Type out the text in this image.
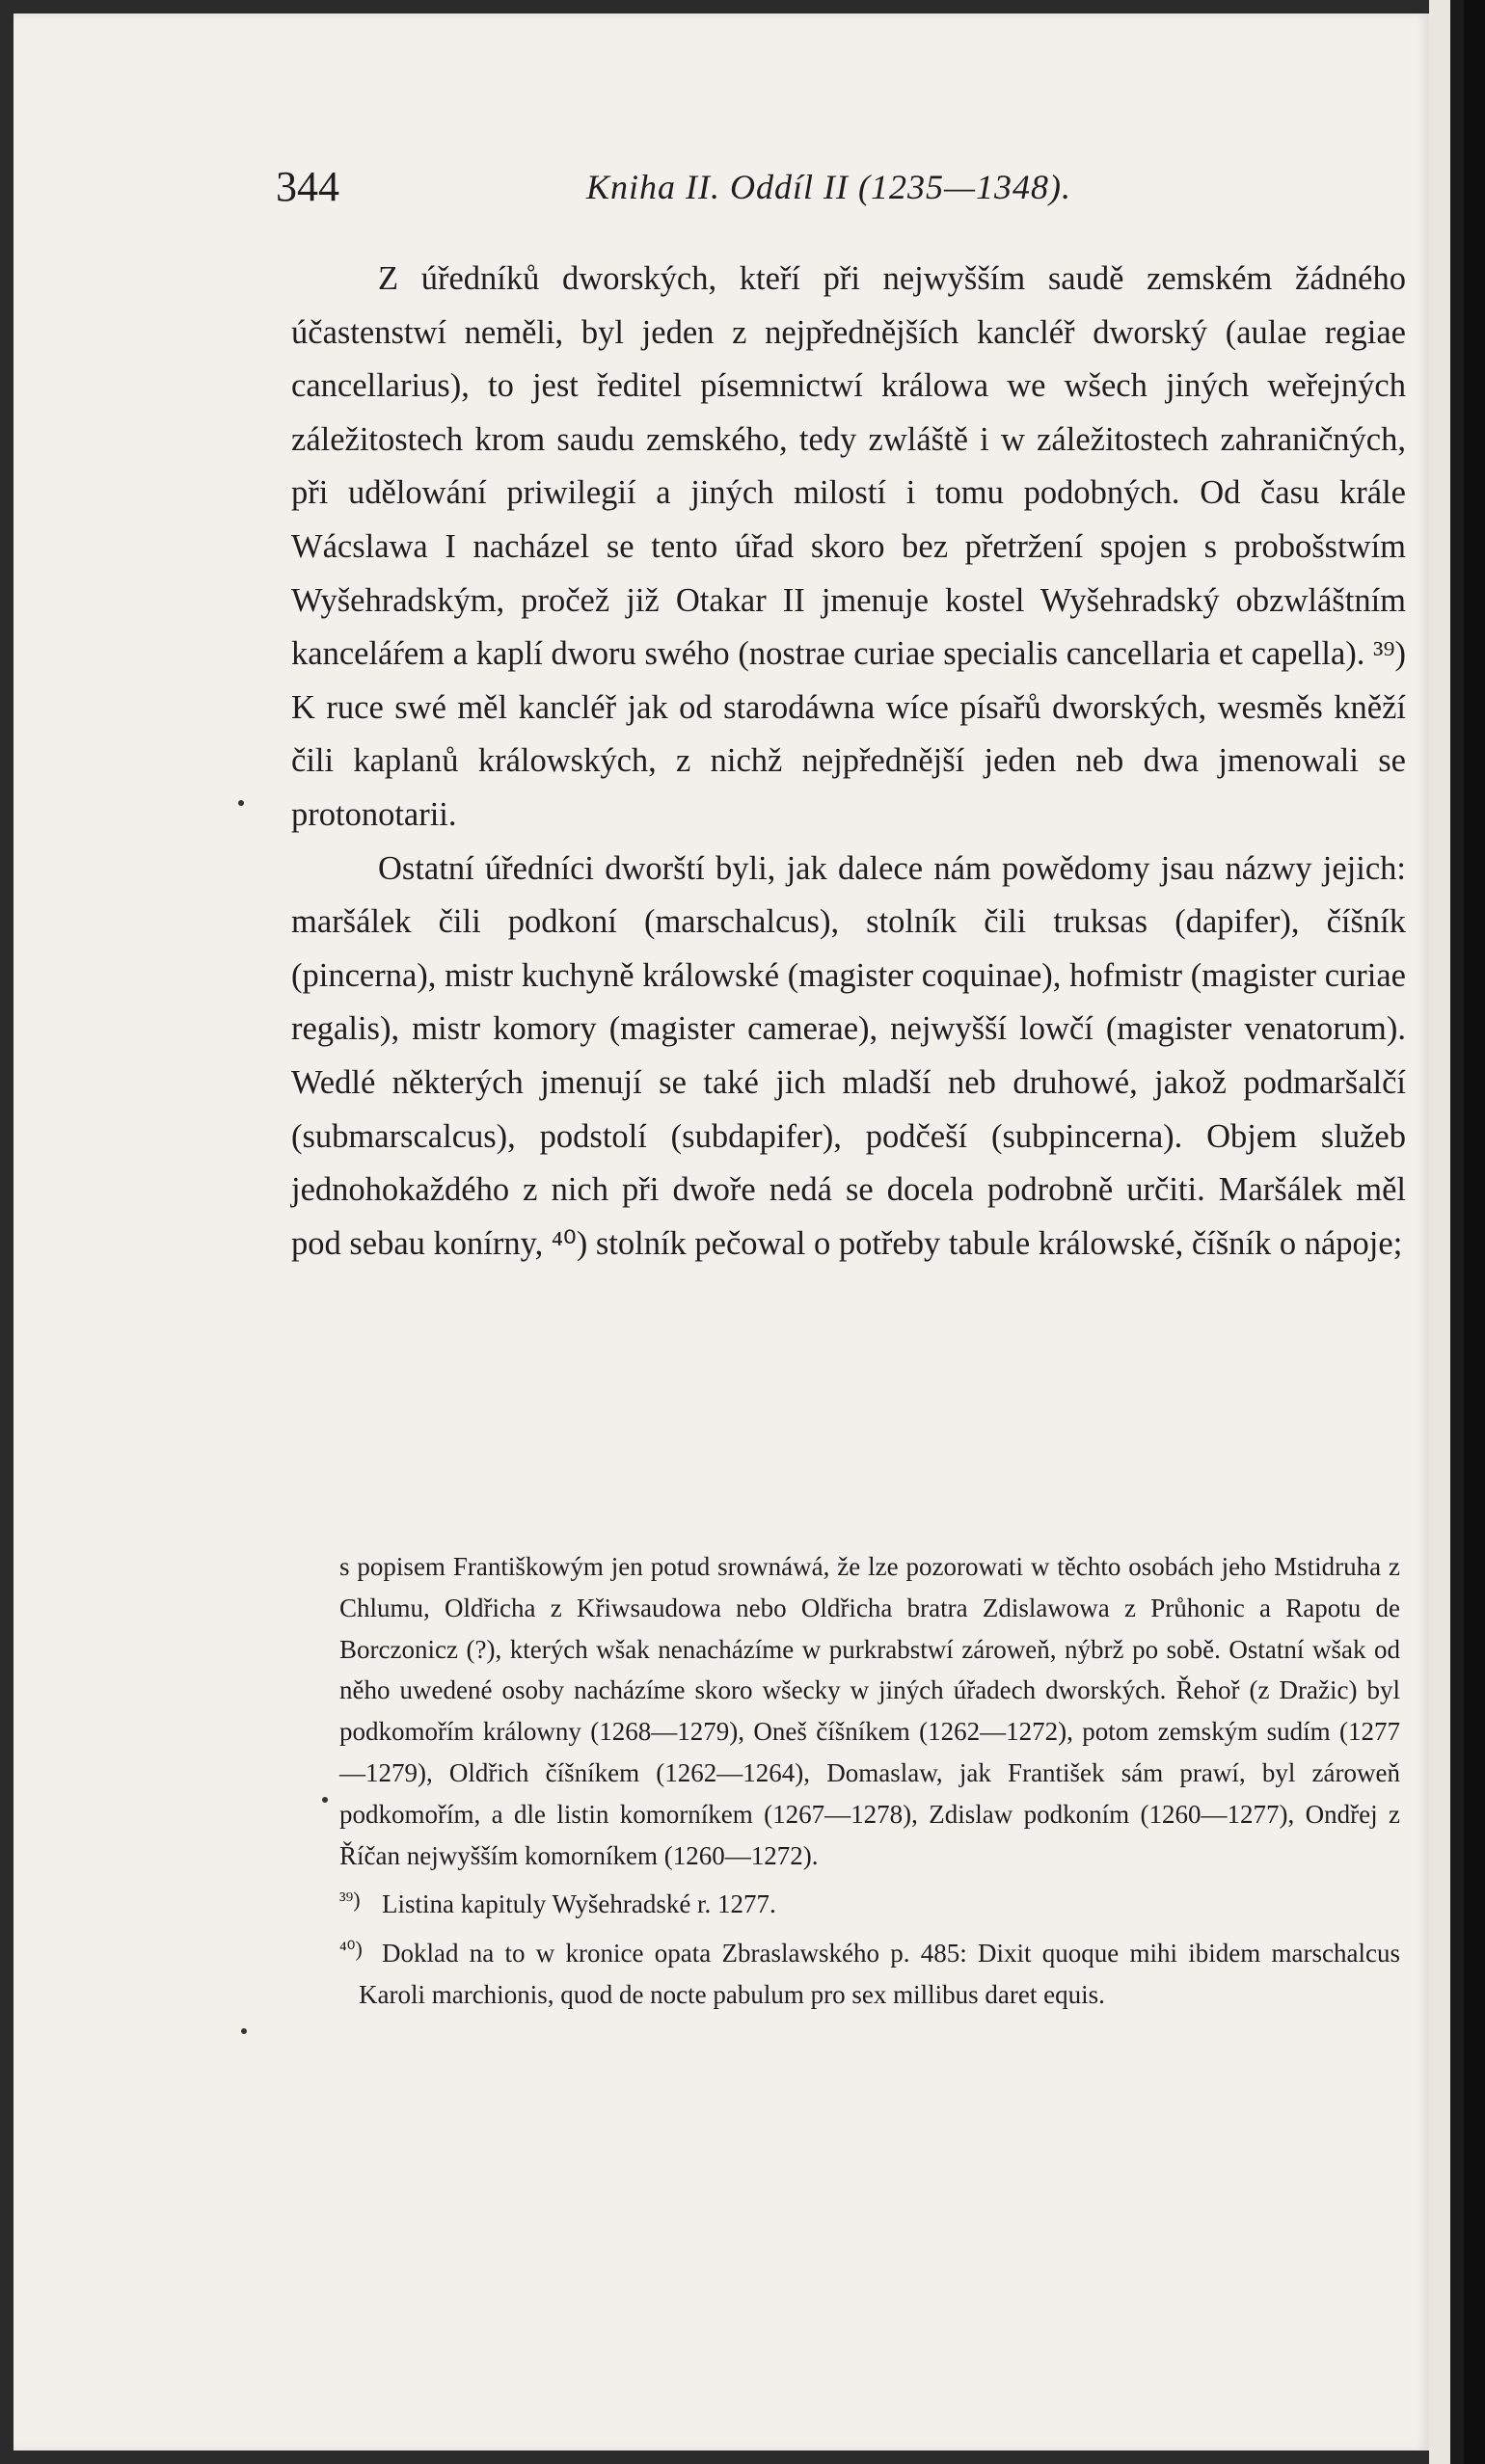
344	Kniha II. Oddíl II (1235—1348).

Z úředníků dworských, kteří při nejwyšším saudě zemském žádného účastenstwí neměli, byl jeden z nejpřednějších kancléř dworský (aulae regiae cancellarius), to jest ředitel písemnictwí králowa we wšech jiných weřejných záležitostech krom saudu zemského, tedy zwláště i w záležitostech zahraničných, při udělowání priwilegií a jiných milostí i tomu podobných. Od času krále Wácslawa I nacházel se tento úřad skoro bez přetržení spojen s probošstwím Wyšehradským, pročež již Otakar II jmenuje kostel Wyšehradský obzwláštním kanceláŕem a kaplí dworu swého (nostrae curiae specialis cancellaria et capella). ³⁹) K ruce swé měl kancléř jak od starodáwna wíce písařů dworských, wesměs kněží čili kaplanů králowských, z nichž nejpřednější jeden neb dwa jmenowali se protonotarii.

Ostatní úředníci dworští byli, jak dalece nám powědomy jsau názwy jejich: maršálek čili podkoní (marschalcus), stolník čili truksas (dapifer), číšník (pincerna), mistr kuchyně králowské (magister coquinae), hofmistr (magister curiae regalis), mistr komory (magister camerae), nejwyšší lowčí (magister venatorum). Wedlé některých jmenují se také jich mladší neb druhowé, jakož podmaršalčí (submarscalcus), podstolí (subdapifer), podčeší (subpincerna). Objem služeb jednohokaždého z nich při dwoře nedá se docela podrobně určiti. Maršálek měl pod sebau konírny, ⁴⁰) stolník pečowal o potřeby tabule králowské, číšník o nápoje;

s popisem Františkowým jen potud srownáwá, že lze pozorowati w těchto osobách jeho Mstidruha z Chlumu, Oldřicha z Křiwsaudowa nebo Oldřicha bratra Zdislawowa z Průhonic a Rapotu de Borczonicz (?), kterých wšak nenacházíme w purkrabstwí zároweň, nýbrž po sobě. Ostatní wšak od něho uwedené osoby nacházíme skoro wšecky w jiných úřadech dworských. Řehoř (z Dražic) byl podkomořím králowny (1268—1279), Oneš číšníkem (1262—1272), potom zemským sudím (1277—1279), Oldřich číšníkem (1262—1264), Domaslaw, jak František sám prawí, byl zároweň podkomořím, a dle listin komorníkem (1267—1278), Zdislaw podkoním (1260—1277), Ondřej z Říčan nejwyšším komorníkem (1260—1272).

³⁹) Listina kapituly Wyšehradské r. 1277.

⁴⁰) Doklad na to w kronice opata Zbraslawského p. 485: Dixit quoque mihi ibidem marschalcus Karoli marchionis, quod de nocte pabulum pro sex millibus daret equis.
